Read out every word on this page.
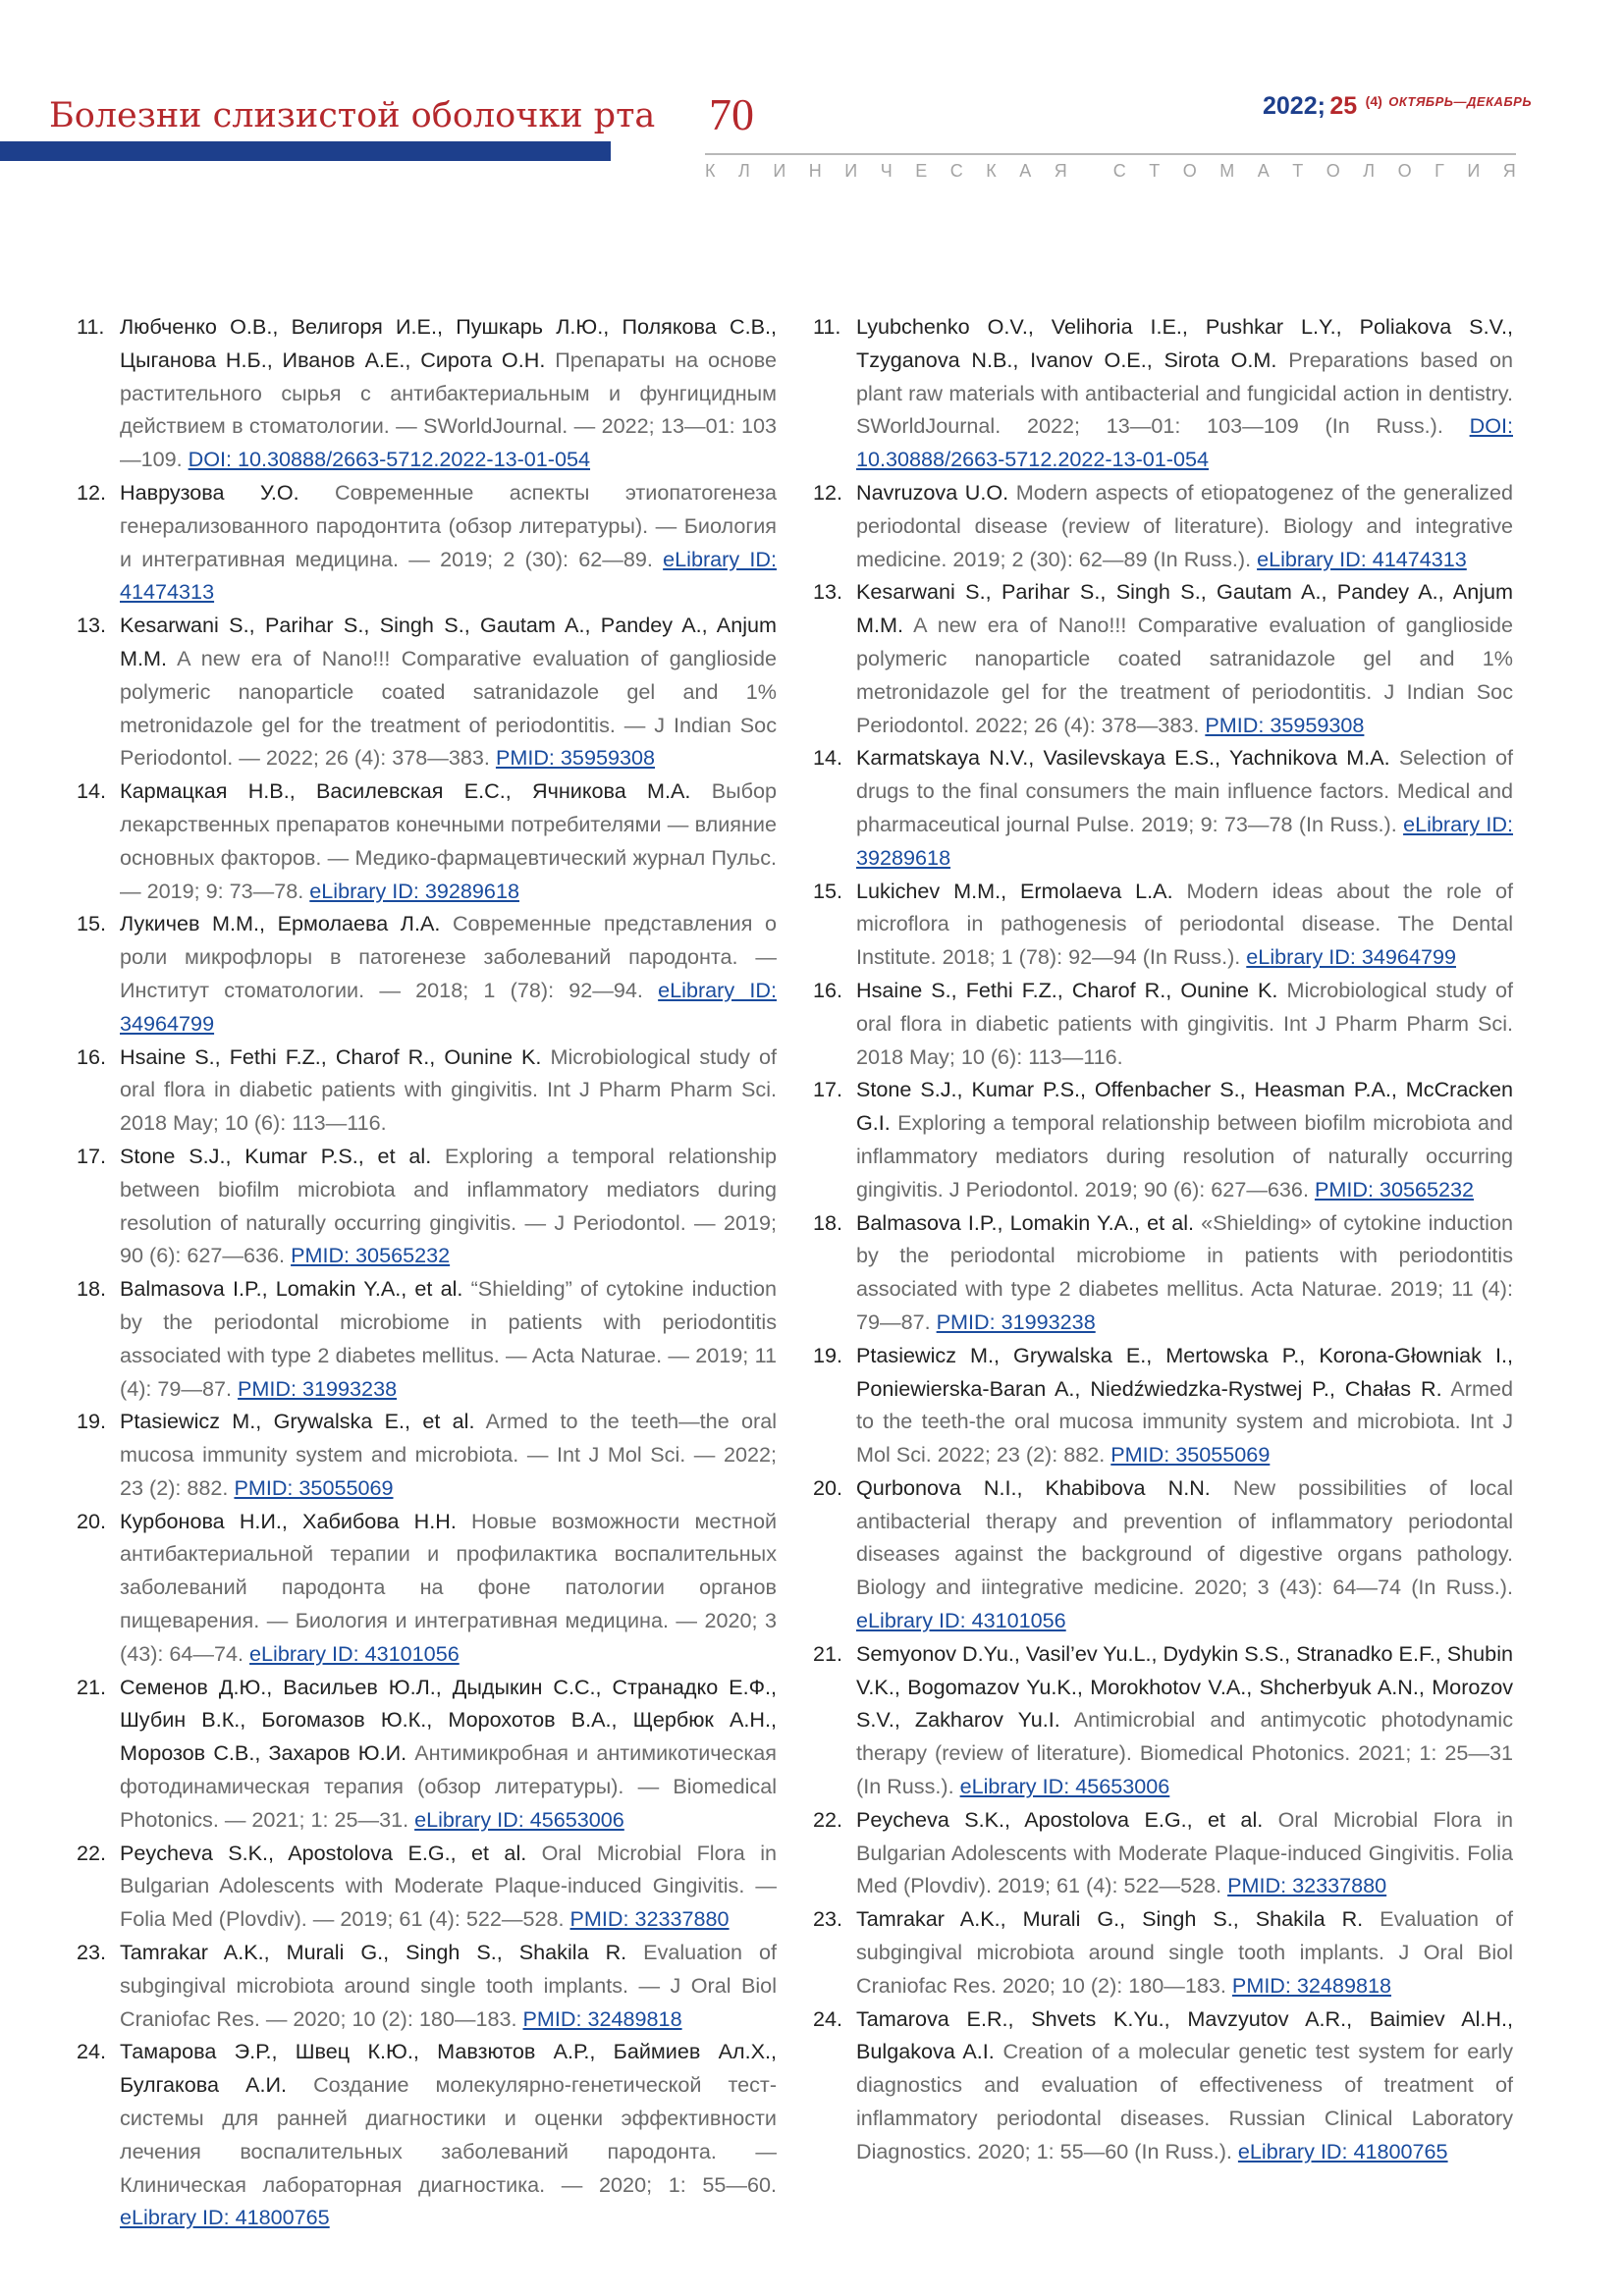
Болезни слизистой оболочки рта 70	2022; 25 (4) $^{ОКТЯБРЬ—ДЕКАБРЬ}$
К Л И Н И Ч Е С К А Я	С Т О М А Т О Л О Г И Я
11. Любченко О.В., Велигоря И.Е., Пушкарь Л.Ю., Полякова С.В., Цыганова Н.Б., Иванов А.Е., Сирота О.Н. Препараты на основе растительного сырья с антибактериальным и фунгицидным действием в стоматологии. — SWorldJournal. — 2022; 13—01: 103—109. DOI: 10.30888/2663-5712.2022-13-01-054
12. Наврузова У.О. Современные аспекты этиопатогенеза генерализованного пародонтита (обзор литературы). — Биология и интегративная медицина. — 2019; 2 (30): 62—89. eLibrary ID: 41474313
13. Kesarwani S., Parihar S., Singh S., Gautam A., Pandey A., Anjum M.M. A new era of Nano!!! Comparative evaluation of ganglioside polymeric nanoparticle coated satranidazole gel and 1% metronidazole gel for the treatment of periodontitis. — J Indian Soc Periodontol. — 2022; 26 (4): 378—383. PMID: 35959308
14. Кармацкая Н.В., Василевская Е.С., Ячникова М.А. Выбор лекарственных препаратов конечными потребителями — влияние основных факторов. — Медико-фармацевтический журнал Пульс. — 2019; 9: 73—78. eLibrary ID: 39289618
15. Лукичев М.М., Ермолаева Л.А. Современные представления о роли микрофлоры в патогенезе заболеваний пародонта. — Институт стоматологии. — 2018; 1 (78): 92—94. eLibrary ID: 34964799
16. Hsaine S., Fethi F.Z., Charof R., Ounine K. Microbiological study of oral flora in diabetic patients with gingivitis. Int J Pharm Pharm Sci. 2018 May; 10 (6): 113—116.
17. Stone S.J., Kumar P.S., et al. Exploring a temporal relationship between biofilm microbiota and inflammatory mediators during resolution of naturally occurring gingivitis. — J Periodontol. — 2019; 90 (6): 627—636. PMID: 30565232
18. Balmasova I.P., Lomakin Y.A., et al. “Shielding” of cytokine induction by the periodontal microbiome in patients with periodontitis associated with type 2 diabetes mellitus. — Acta Naturae. — 2019; 11 (4): 79—87. PMID: 31993238
19. Ptasiewicz M., Grywalska E., et al. Armed to the teeth—the oral mucosa immunity system and microbiota. — Int J Mol Sci. — 2022; 23 (2): 882. PMID: 35055069
20. Курбонова Н.И., Хабибова Н.Н. Новые возможности местной антибактериальной терапии и профилактика воспалительных заболеваний пародонта на фоне патологии органов пищеварения. — Биология и интегративная медицина. — 2020; 3 (43): 64—74. eLibrary ID: 43101056
21. Семенов Д.Ю., Васильев Ю.Л., Дыдыкин С.С., Странадко Е.Ф., Шубин В.К., Богомазов Ю.К., Морохотов В.А., Щербюк А.Н., Морозов С.В., Захаров Ю.И. Антимикробная и антимикотическая фотодинамическая терапия (обзор литературы). — Biomedical Photonics. — 2021; 1: 25—31. eLibrary ID: 45653006
22. Peycheva S.K., Apostolova E.G., et al. Oral Microbial Flora in Bulgarian Adolescents with Moderate Plaque-induced Gingivitis. — Folia Med (Plovdiv). — 2019; 61 (4): 522—528. PMID: 32337880
23. Tamrakar A.K., Murali G., Singh S., Shakila R. Evaluation of subgingival microbiota around single tooth implants. — J Oral Biol Craniofac Res. — 2020; 10 (2): 180—183. PMID: 32489818
24. Тамарова Э.Р., Швец К.Ю., Мавзютов А.Р., Баймиев Ал.Х., Булгакова А.И. Создание молекулярно-генетической тест-системы для ранней диагностики и оценки эффективности лечения воспалительных заболеваний пародонта. — Клиническая лабораторная диагностика. — 2020; 1: 55—60. eLibrary ID: 41800765
11. Lyubchenko O.V., Velihoria I.E., Pushkar L.Y., Poliakova S.V., Tzyganova N.B., Ivanov O.E., Sirota O.M. Preparations based on plant raw materials with antibacterial and fungicidal action in dentistry. SWorldJournal. 2022; 13—01: 103—109 (In Russ.). DOI: 10.30888/2663-5712.2022-13-01-054
12. Navruzova U.O. Modern aspects of etiopatogenez of the generalized periodontal disease (review of literature). Biology and integrative medicine. 2019; 2 (30): 62—89 (In Russ.). eLibrary ID: 41474313
13. Kesarwani S., Parihar S., Singh S., Gautam A., Pandey A., Anjum M.M. A new era of Nano!!! Comparative evaluation of ganglioside polymeric nanoparticle coated satranidazole gel and 1% metronidazole gel for the treatment of periodontitis. J Indian Soc Periodontol. 2022; 26 (4): 378—383. PMID: 35959308
14. Karmatskaya N.V., Vasilevskaya E.S., Yachnikova M.A. Selection of drugs to the final consumers the main influence factors. Medical and pharmaceutical journal Pulse. 2019; 9: 73—78 (In Russ.). eLibrary ID: 39289618
15. Lukichev M.M., Ermolaeva L.A. Modern ideas about the role of microflora in pathogenesis of periodontal disease. The Dental Institute. 2018; 1 (78): 92—94 (In Russ.). eLibrary ID: 34964799
16. Hsaine S., Fethi F.Z., Charof R., Ounine K. Microbiological study of oral flora in diabetic patients with gingivitis. Int J Pharm Pharm Sci. 2018 May; 10 (6): 113—116.
17. Stone S.J., Kumar P.S., Offenbacher S., Heasman P.A., McCracken G.I. Exploring a temporal relationship between biofilm microbiota and inflammatory mediators during resolution of naturally occurring gingivitis. J Periodontol. 2019; 90 (6): 627—636. PMID: 30565232
18. Balmasova I.P., Lomakin Y.A., et al. «Shielding» of cytokine induction by the periodontal microbiome in patients with periodontitis associated with type 2 diabetes mellitus. Acta Naturae. 2019; 11 (4): 79—87. PMID: 31993238
19. Ptasiewicz M., Grywalska E., Mertowska P., Korona-Głowniak I., Poniewierska-Baran A., Niedźwiedzka-Rystwej P., Chałas R. Armed to the teeth-the oral mucosa immunity system and microbiota. Int J Mol Sci. 2022; 23 (2): 882. PMID: 35055069
20. Qurbonova N.I., Khabibova N.N. New possibilities of local antibacterial therapy and prevention of inflammatory periodontal diseases against the background of digestive organs pathology. Biology and iintegrative medicine. 2020; 3 (43): 64—74 (In Russ.). eLibrary ID: 43101056
21. Semyonov D.Yu., Vasil’ev Yu.L., Dydykin S.S., Stranadko E.F., Shubin V.K., Bogomazov Yu.K., Morokhotov V.A., Shcherbyuk A.N., Morozov S.V., Zakharov Yu.I. Antimicrobial and antimycotic photodynamic therapy (review of literature). Biomedical Photonics. 2021; 1: 25—31 (In Russ.). eLibrary ID: 45653006
22. Peycheva S.K., Apostolova E.G., et al. Oral Microbial Flora in Bulgarian Adolescents with Moderate Plaque-induced Gingivitis. Folia Med (Plovdiv). 2019; 61 (4): 522—528. PMID: 32337880
23. Tamrakar A.K., Murali G., Singh S., Shakila R. Evaluation of subgingival microbiota around single tooth implants. J Oral Biol Craniofac Res. 2020; 10 (2): 180—183. PMID: 32489818
24. Tamarova E.R., Shvets K.Yu., Mavzyutov A.R., Baimiev Al.H., Bulgakova A.I. Creation of a molecular genetic test system for early diagnostics and evaluation of effectiveness of treatment of inflammatory periodontal diseases. Russian Clinical Laboratory Diagnostics. 2020; 1: 55—60 (In Russ.). eLibrary ID: 41800765
